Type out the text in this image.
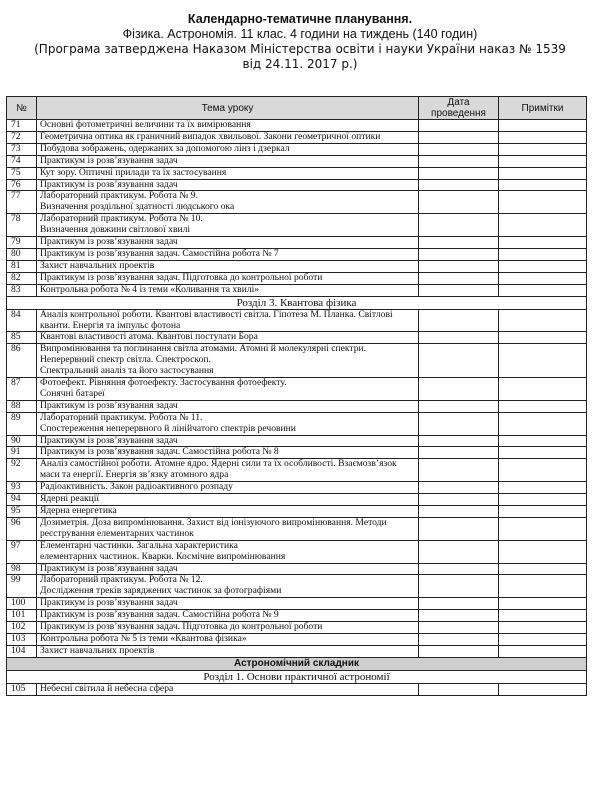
Календарно-тематичне планування.
Фізика. Астрономія. 11 клас. 4 години на тиждень (140 годин)
(Програма затверджена Наказом Міністерства освіти і науки України наказ № 1539
від 24.11. 2017 р.)
№	Тема уроку	Дата проведення	Примітки
71	Основні фотометричні величини та їх вимірювання		

72	Геометрична оптика як граничний випадок хвильової. Закони геометричної оптики		

73	Побудова зображень, одержаних за допомогою лінз і дзеркал		

74	Практикум із розв’язування задач		

75	Кут зору. Оптичні прилади та їх застосування		

76	Практикум із розв’язування задач		

77	Лабораторний практикум. Робота № 9.
Визначення роздільної здатності людського ока		

78	Лабораторний практикум. Робота № 10.
Визначення довжини світлової хвилі		

79	Практикум із розв’язування задач		

80	Практикум із розв’язування задач. Самостійна робота № 7		

81	Захист навчальних проектів		

82	Практикум із розв’язування задач. Підготовка до контрольної роботи		

83	Контрольна робота № 4 із теми «Коливання та хвилі»		

Розділ 3. Квантова фізика			
84	Аналіз контрольної роботи. Квантові властивості світла. Гіпотеза М. Планка. Світлові кванти. Енергія та імпульс фотона		

85	Квантові властивості атома. Квантові постулати Бора		

86	Випромінювання та поглинання світла атомами. Атомні й молекулярні спектри. Неперервний спектр світла. Спектроскоп.
Спектральний аналіз та його застосування		

87	Фотоефект. Рівняння фотоефекту. Застосування фотоефекту.
Сонячні батареї		

88	Практикум із розв’язування задач		

89	Лабораторний практикум. Робота № 11.
Спостереження неперервного й лінійчатого спектрів речовини		

90	Практикум із розв’язування задач		

91	Практикум із розв’язування задач. Самостійна робота № 8		

92	Аналіз самостійної роботи. Атомне ядро. Ядерні сили та їх особливості. Взаємозв’язок маси та енергії. Енергія зв’язку атомного ядра		

93	Радіоактивність. Закон радіоактивного розпаду		

94	Ядерні реакції		

95	Ядерна енергетика		

96	Дозиметрія. Доза випромінювання. Захист від іонізуючого випромінювання. Методи реєстрування елементарних частинок		

97	Елементарні частинки. Загальна характеристика
елементарних частинок. Кварки. Космічне випромінювання		

98	Практикум із розв’язування задач		

99	Лабораторний практикум. Робота № 12.
Дослідження треків заряджених частинок за фотографіями		

100	Практикум із розв’язування задач		

101	Практикум із розв’язування задач. Самостійна робота № 9		

102	Практикум із розв’язування задач. Підготовка до контрольної роботи		

103	Контрольна робота № 5 із теми «Квантова фізика»		

104	Захист навчальних проектів		

Астрономічний складник			
Розділ 1. Основи практичної астрономії			
105	Небесні світила й небесна сфера		
